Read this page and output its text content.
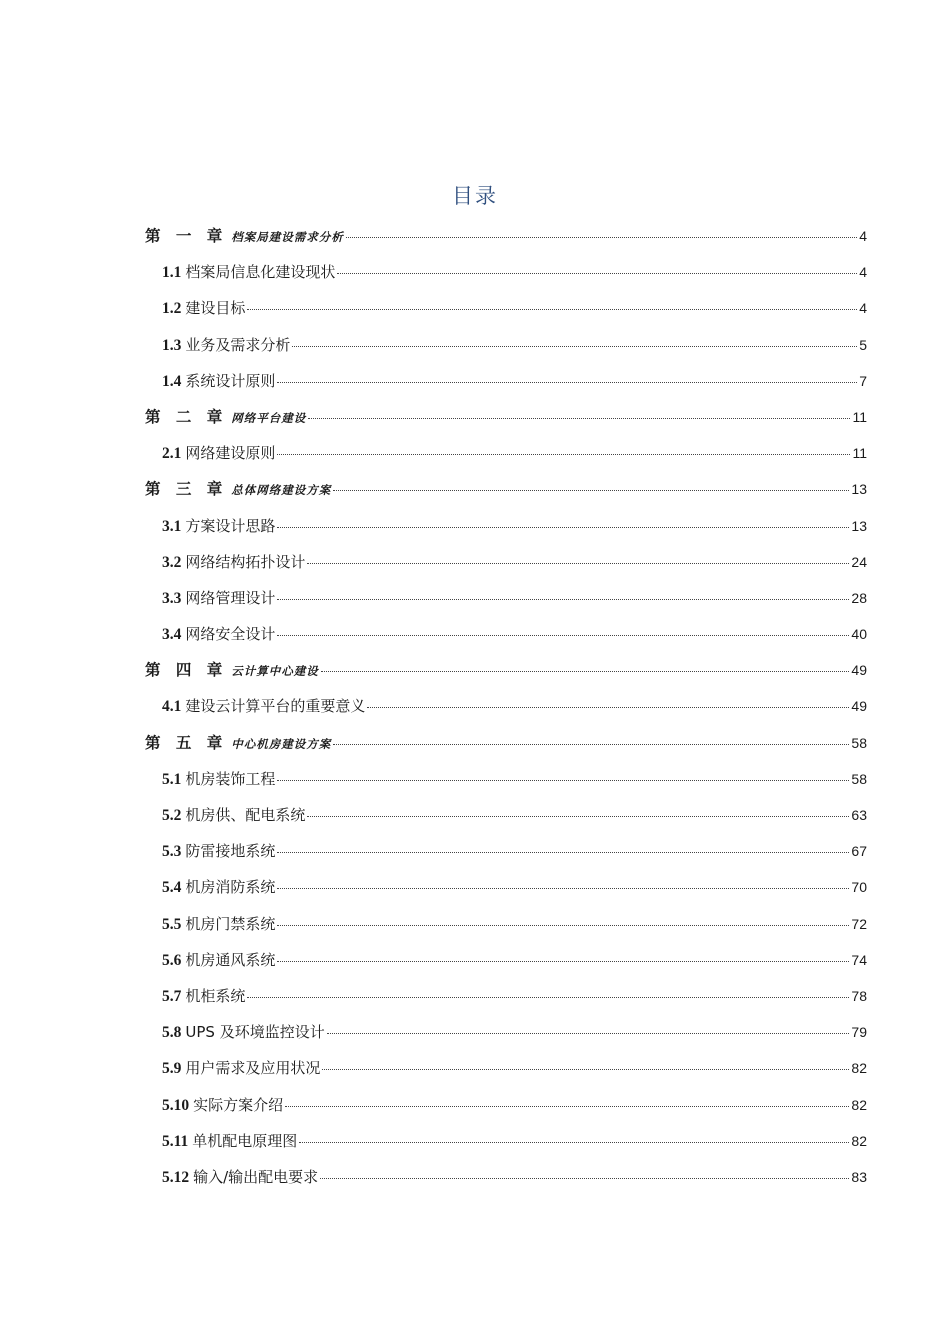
目录
第 一 章 档案局建设需求分析	4
1.1 档案局信息化建设现状	4
1.2 建设目标	4
1.3 业务及需求分析	5
1.4 系统设计原则	7
第 二 章 网络平台建设	11
2.1 网络建设原则	11
第 三 章 总体网络建设方案	13
3.1 方案设计思路	13
3.2 网络结构拓扑设计	24
3.3 网络管理设计	28
3.4 网络安全设计	40
第 四 章 云计算中心建设	49
4.1 建设云计算平台的重要意义	49
第 五 章 中心机房建设方案	58
5.1 机房装饰工程	58
5.2 机房供、配电系统	63
5.3 防雷接地系统	67
5.4 机房消防系统	70
5.5 机房门禁系统	72
5.6 机房通风系统	74
5.7 机柜系统	78
5.8 UPS 及环境监控设计	79
5.9 用户需求及应用状况	82
5.10 实际方案介绍	82
5.11 单机配电原理图	82
5.12 输入/输出配电要求	83
